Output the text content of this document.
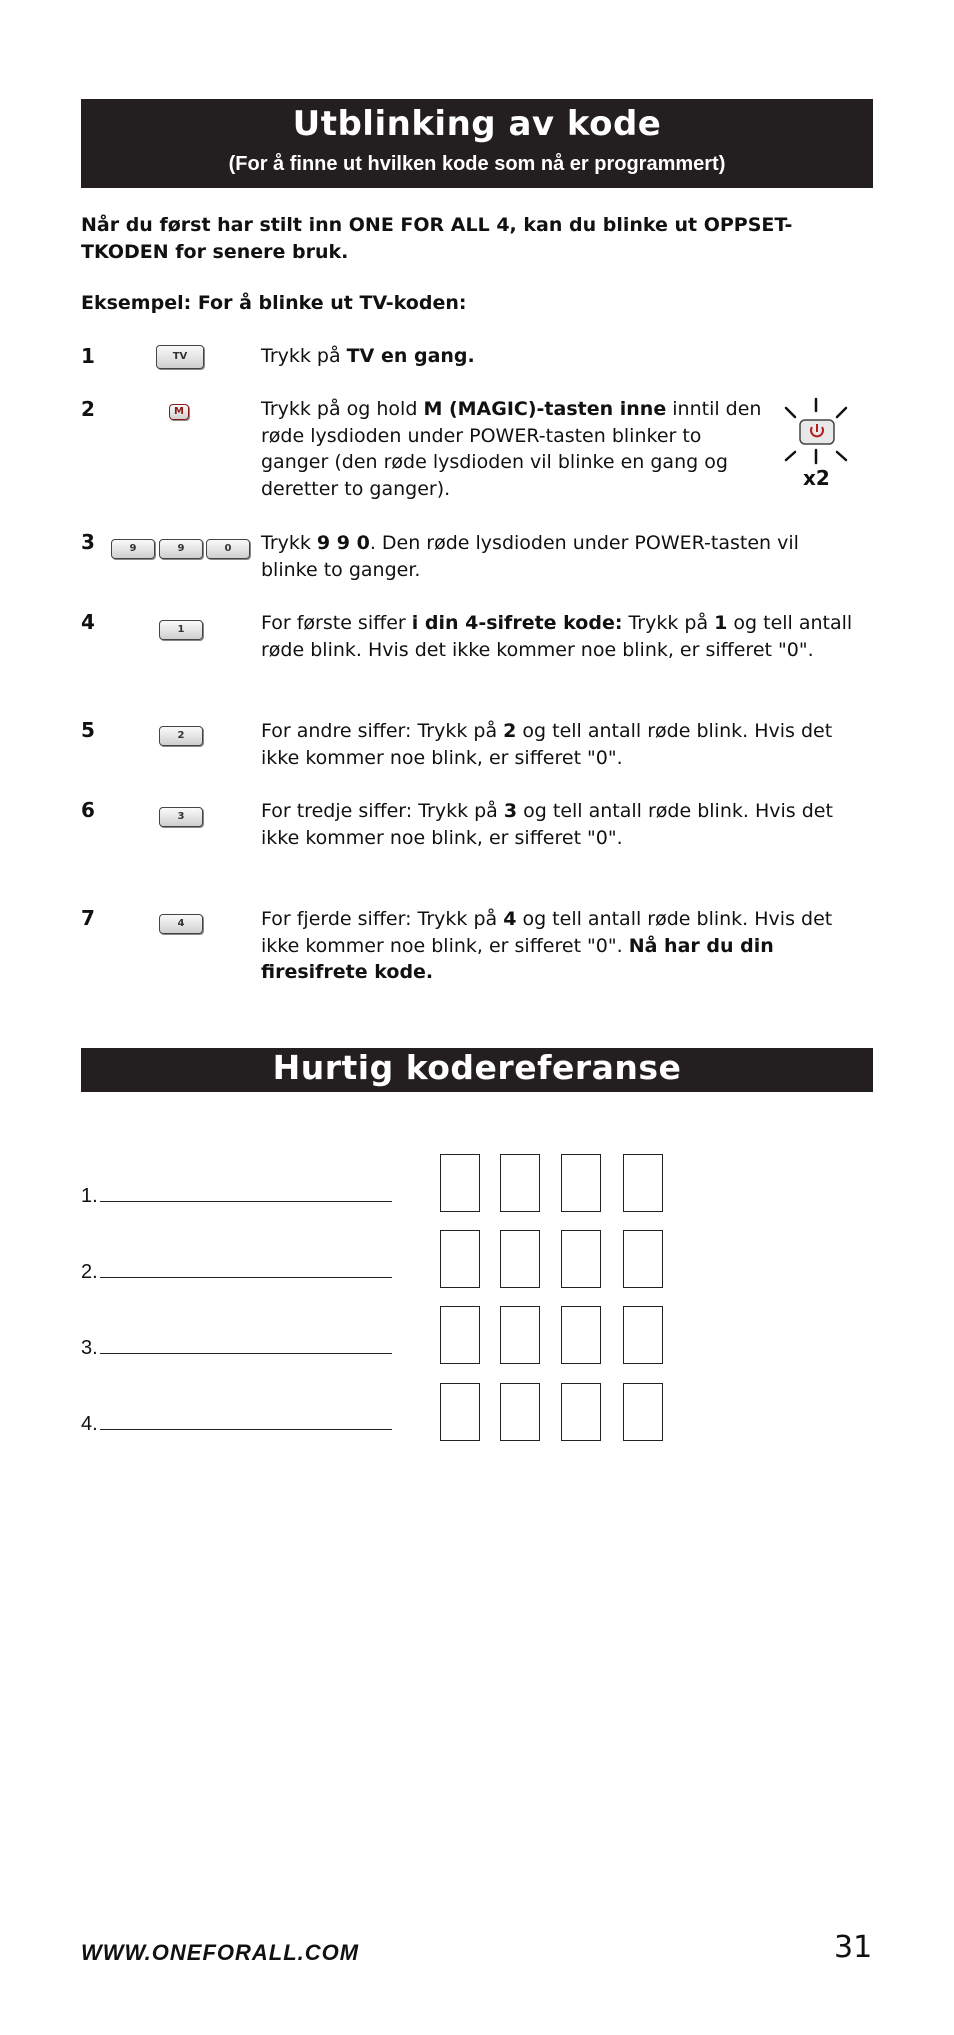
Utblinking av kode
(For å finne ut hvilken kode som nå er programmert)
Når du først har stilt inn ONE FOR ALL 4, kan du blinke ut OPPSET-TKODEN for senere bruk.
Eksempel: For å blinke ut TV-koden:
1	TV	Trykk på TV en gang.
2	M	Trykk på og hold M (MAGIC)-tasten inne inntil den røde lysdioden under POWER-tasten blinker to ganger (den røde lysdioden vil blinke en gang og deretter to ganger).	x2
3	9	9	0	Trykk 9 9 0. Den røde lysdioden under POWER-tasten vil blinke to ganger.
4	1	For første siffer i din 4-sifrete kode: Trykk på 1 og tell antall røde blink. Hvis det ikke kommer noe blink, er sifferet "0".
5	2	For andre siffer: Trykk på 2 og tell antall røde blink. Hvis det ikke kommer noe blink, er sifferet "0".
6	3	For tredje siffer: Trykk på 3 og tell antall røde blink. Hvis det ikke kommer noe blink, er sifferet "0".
7	4	For fjerde siffer: Trykk på 4 og tell antall røde blink. Hvis det ikke kommer noe blink, er sifferet "0". Nå har du din firesifrete kode.
Hurtig kodereferanse
1.
2.
3.
4.
WWW.ONEFORALL.COM	31
